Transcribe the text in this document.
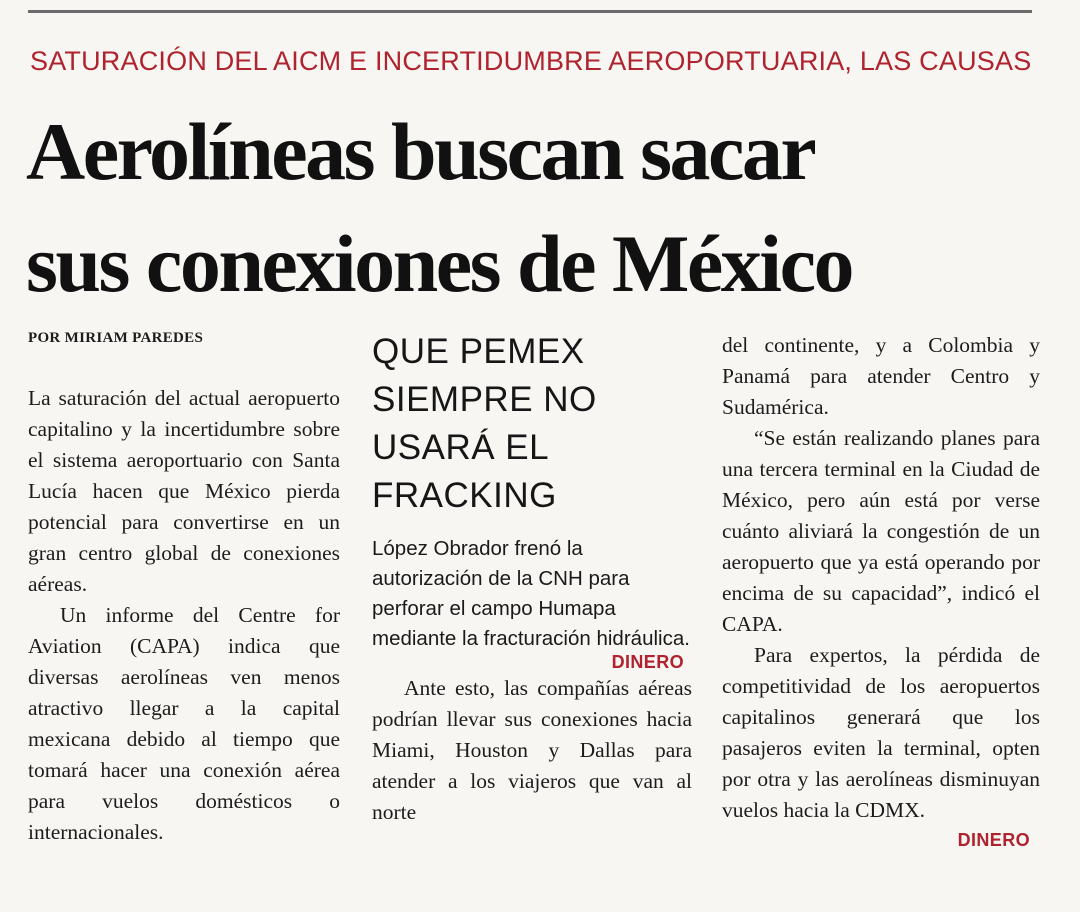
SATURACIÓN DEL AICM E INCERTIDUMBRE AEROPORTUARIA, LAS CAUSAS
Aerolíneas buscan sacar
sus conexiones de México
POR MIRIAM PAREDES

La saturación del actual aeropuerto capitalino y la incertidumbre sobre el sistema aeroportuario con Santa Lucía hacen que México pierda potencial para convertirse en un gran centro global de conexiones aéreas.

Un informe del Centre for Aviation (CAPA) indica que diversas aerolíneas ven menos atractivo llegar a la capital mexicana debido al tiempo que tomará hacer una conexión aérea para vuelos domésticos o internacionales.

QUE PEMEX SIEMPRE NO USARÁ EL FRACKING
López Obrador frenó la autorización de la CNH para perforar el campo Humapa mediante la fracturación hidráulica.
DINERO

Ante esto, las compañías aéreas podrían llevar sus conexiones hacia Miami, Houston y Dallas para atender a los viajeros que van al norte

del continente, y a Colombia y Panamá para atender Centro y Sudamérica.

“Se están realizando planes para una tercera terminal en la Ciudad de México, pero aún está por verse cuánto aliviará la congestión de un aeropuerto que ya está operando por encima de su capacidad”, indicó el CAPA.

Para expertos, la pérdida de competitividad de los aeropuertos capitalinos generará que los pasajeros eviten la terminal, opten por otra y las aerolíneas disminuyan vuelos hacia la CDMX.

DINERO
